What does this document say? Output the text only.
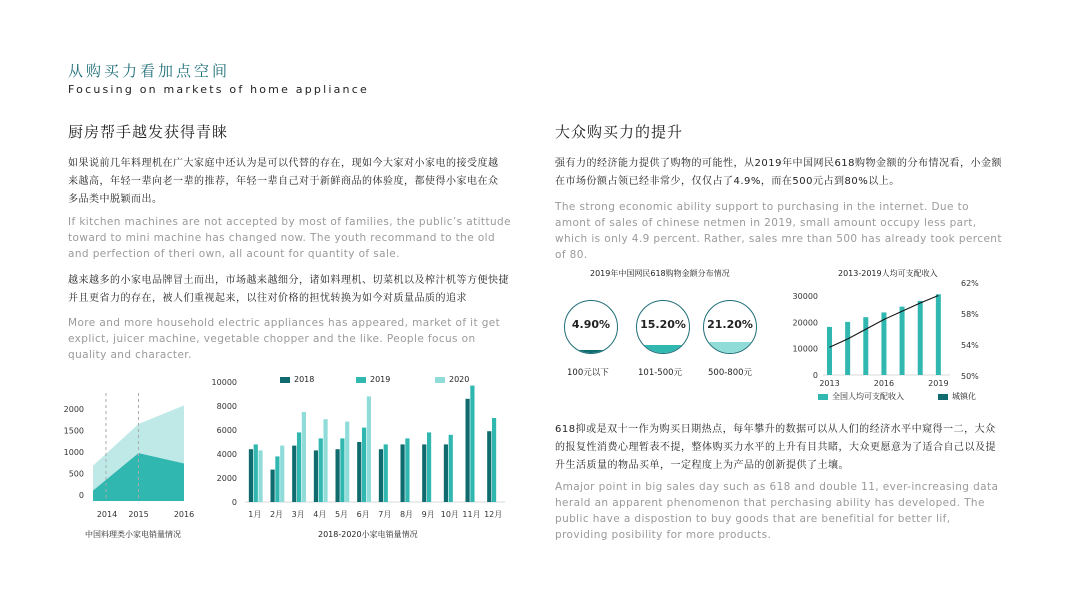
从购买力看加点空间
Focusing on markets of home appliance
厨房帮手越发获得青睐
如果说前几年料理机在广大家庭中还认为是可以代替的存在，现如今大家对小家电的接受度越来越高，年轻一辈向老一辈的推荐，年轻一辈自己对于新鲜商品的体验度，都使得小家电在众多品类中脱颖而出。
If kitchen machines are not accepted by most of families, the public’s atittude toward to mini machine has changed now. The youth recommand to the old and perfection of theri own, all acount for quantity of sale.
越来越多的小家电品牌冒土而出，市场越来越细分，诸如料理机、切菜机以及榨汁机等方便快捷并且更省力的存在，被人们重视起来，以往对价格的担忧转换为如今对质量品质的追求
More and more household electric appliances has appeared, market of it get explict, juicer machine, vegetable chopper and the like. People focus on quality and character.
2000
1500
1000
500
0
2014 2015	2016
中国料理类小家电销量情况
10000
8000
6000
4000
2000
0
1月 2月 3月 4月 5月 6月 7月 8月 9月 10月 11月 12月
2018	2019	2020
2018-2020小家电销量情况
大众购买力的提升
强有力的经济能力提供了购物的可能性，从2019年中国网民618购物金额的分布情况看，小金额在市场份额占领已经非常少，仅仅占了4.9%，而在500元占到80%以上。
The strong economic ability support to purchasing in the internet. Due to amont of sales of chinese netmen in 2019, small amount occupy less part, which is only 4.9 percent. Rather, sales mre than 500 has already took percent of 80.
2019年中国网民618购物金额分布情况
4.90%	15.20% 21.20%
100元以下	101-500元	500-800元
2013-2019人均可支配收入
30000
20000
10000
0
62%
58%
54%
50%
2013	2016	2019
全国人均可支配收入	城镇化
618抑或是双十一作为购买日期热点，每年攀升的数据可以从人们的经济水平中窥得一二，大众的报复性消费心理暂表不提，整体购买力水平的上升有目共睹，大众更愿意为了适合自己以及提升生活质量的物品买单，一定程度上为产品的创新提供了土壤。
Amajor point in big sales day such as 618 and double 11, ever-increasing data herald an apparent phenomenon that perchasing ability has developed. The public have a dispostion to buy goods that are benefitial for better lif, providing posibility for more products.
